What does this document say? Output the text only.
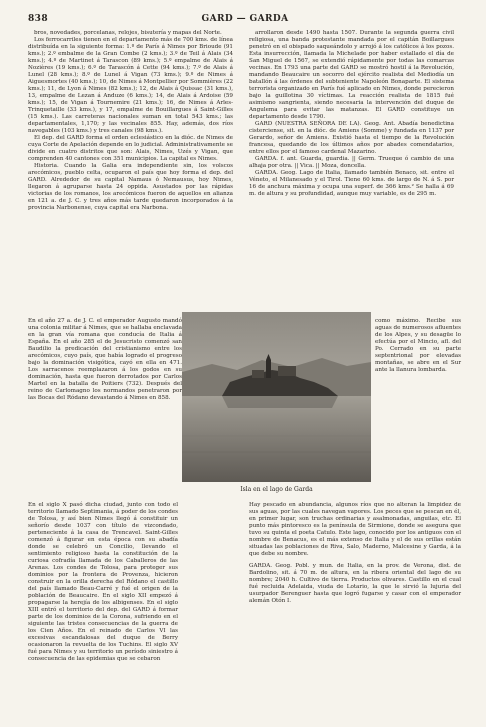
838	GARD — GARDA

bros, novedades, porcelanas, relojes, bisutería y mapas del Norte.

Los ferrocarriles tienen en el departamento más de 700 kms. de línea distribuída en la siguiente forma: 1.º de París á Nimes por Brioude (91 kms.); 2.º embalme de la Gran Combe (2 kms.); 3.º de Teil á Alais (34 kms.); 4.º de Martinet á Tarascon (89 kms.); 5.º empalme de Alais á Nozières (19 kms.); 6.º de Tarascón á Cette (94 kms.); 7.º de Alais á Lunel (28 kms.); 8.º de Lunel á Vigan (73 kms.); 9.º de Nimes á Aiguesmortes (40 kms.); 10, de Nimes á Montpellier por Sommières (22 kms.); 11, de Lyon á Nimes (82 kms.); 12, de Alais á Quissac (31 kms.), 13, empalme de Lezan á Anduze (6 kms.); 14, de Alais á Ardoise (59 kms.); 15, de Vigan á Tournemire (21 kms.); 16, de Nimes á Arles-Trinquetaille (33 kms.), y 17, empalme de Bouillargues á Saint-Gilles (15 kms.). Las carreteras nacionales suman en total 543 kms.; las departamentales, 1,170; y las vecinales 855. Hay, además, dos ríos navegables (103 kms.) y tres canales (98 kms.).

El dep. del GARD forma el orden eclesiástico en la dióc. de Nimes de cuya Corte de Apelación depende en lo judicial. Administrativamente se divide en cuatro distritos que son: Alais, Nimes, Uzés y Vigan, que comprenden 40 cantones con 351 municipios. La capital es Nimes.

Historia. Cuando la Galia era independiente sin, los volscos arecómicos, pueblo celta, ocuparon el país que hoy forma el dep. del GARD. Alrededor de su capital Namaus ó Nemausus, hoy Nimes, llegaron á agruparse hasta 24 oppida. Asustados por las rápidas victorias de los romanos, los arecómicos fueron de aquellos en alianza en 121 a. de J. C. y tres años más tarde quedaron incorporados á la provincia Narbonense, cuya capital era Narbona.

En el año 27 a. de J. C. el emperador Augusto mandó una colonia militar á Nimes, que se hallaba enclavada en la gran vía romana que conducía de Italia á España. En el año 285 el de Jesucristo comenzó san Baudilio la predicación del cristianismo entre los arecómicos, cuyo país, que había logrado el progreso bajo la dominación visigótica, cayó en ella en 471. Los sarracenos reemplazaron á los godos en su dominación, hasta que fueron derrotados por Carlos Martel en la batalla de Poitiers (732). Después del reino de Carlomagno los normandos penetraron por las Bocas del Ródano devastando á Nimes en 858.

arrollaron desde 1490 hasta 1507. Durante la segunda guerra civil religiosa, una banda protestante mandada por el capitán Boillargues penetró en el obispado saqueándolo y arrojó á los católicos á los pozos. Esta insurrección, llamada la Michelade por haber estallado el día de San Miguel de 1567, se extendió rápidamente por todas las comarcas vecinas. En 1793 una parte del GARD se mostró hostil á la Revolución, mandando Beaucaire un socorro del ejército realista del Mediodía un batallón á las órdenes del subteniente Napoleón Bonaparte. El sistema terrorista organizado en París fué aplicado en Nimes, donde perecieron bajo la guillotina 30 víctimas. La reacción realista de 1815 fué asimismo sangrienta, siendo necesaria la intervención del duque de Angulema para evitar las matanzas. El GARD constituye un departamento desde 1790.

GARD (NUESTRA SEÑORA DE LA). Geog. Ant. Abadía benedictina cisterciense, sit. en la dióc. de Amiens (Somme) y fundada en 1137 por Gerardo, señor de Amiens. Existió hasta el tiempo de la Revolución francesa, quedando de los últimos años por abades comendatarios, entre ellos por el famoso cardenal Mazarino.

GARDA. f. ant. Guarda, guardia. || Germ. Trueque ó cambio de una alhaja por otra. || Vica. || Moza, doncella.

GARDA. Geog. Lago de Italia, llamado también Benaco, sit. entre el Véneto, el Milanesado y el Tirol. Tiene 60 kms. de largo de N. á S. por 16 de anchura máxima y ocupa una superf. de 366 kms.² Se halla á 69 m. de altura y su profundidad, aunque muy variable, es de 295 m.

como máximo. Recibe sus aguas de numerosos afluentes de los Alpes, y su desagüe lo efectúa por el Mincio, afl. del Po. Cerrado en su parte septentrional por elevadas montañas, se abre en el Sur ante la llanura lombarda.

Isla en el lago de Garda

En el siglo X pasó dicha ciudad, junto con todo el territorio llamado Septimania, á poder de los condes de Tolosa, y así bien Nimes llegó á constituir un señorío desde 1037 con título de vizcondado, perteneciente á la casa de Trencavel. Saint-Gilles comenzó á figurar en esta época con su abadía donde se celebró un Concilio, llevando el sentimiento religioso hasta la constitución de la curiosa cofradía llamada de los Caballeros de las Arenas. Los condes de Tolosa, para proteger sus dominios por la frontera de Provenza, hicieron construir en la orilla derecha del Ródano el castillo del país llamado Beau-Carré y fué el origen de la población de Beaucaire. En el siglo XII empezó á propagarse la herejía de los albigenses. En el siglo XIII entró el territorio del dep. del GARD á formar parte de los dominios de la Corona, sufriendo en el siguiente las tristes consecuencias de la guerra de los Cien Años. En el reinado de Carlos VI las excesivas escandalosas del duque de Berry ocasionaron la revuelta de los Tuchins. El siglo XV fué para Nimes y su territorio un período siniestro á consecuencia de las epidemias que se cebaron

Hay pescado en abundancia, algunos ríos que no alteran la limpidez de sus aguas, por las cuales navegan vapores. Los peces que se pescan en él, en primer lugar, son truchas ordinarias y asalmonadas, anguilas, etc. El punto más pintoresco es la península de Sirmione, donde se asegura que tuvo su quinta el poeta Catulo. Este lago, conocido por los antiguos con el nombre de Benacus, es el más extenso de Italia y el de sus orillas están situadas las poblaciones de Riva, Salo, Maderno, Malcesine y Garda, á la que debe su nombre.

GARDA. Geog. Pobl. y mun. de Italia, en la prov. de Verona, dist. de Bardolino, sit. á 70 m. de altura, en la ribera oriental del lago de su nombre; 2040 h. Cultivo de tierra. Productos olivares. Castillo en el cual fué recluida Adelaida, viuda de Lotario, la que le sirvió la lujuria del usurpador Berenguer hasta que logró fugarse y casar con el emperador alemán Otón I.
